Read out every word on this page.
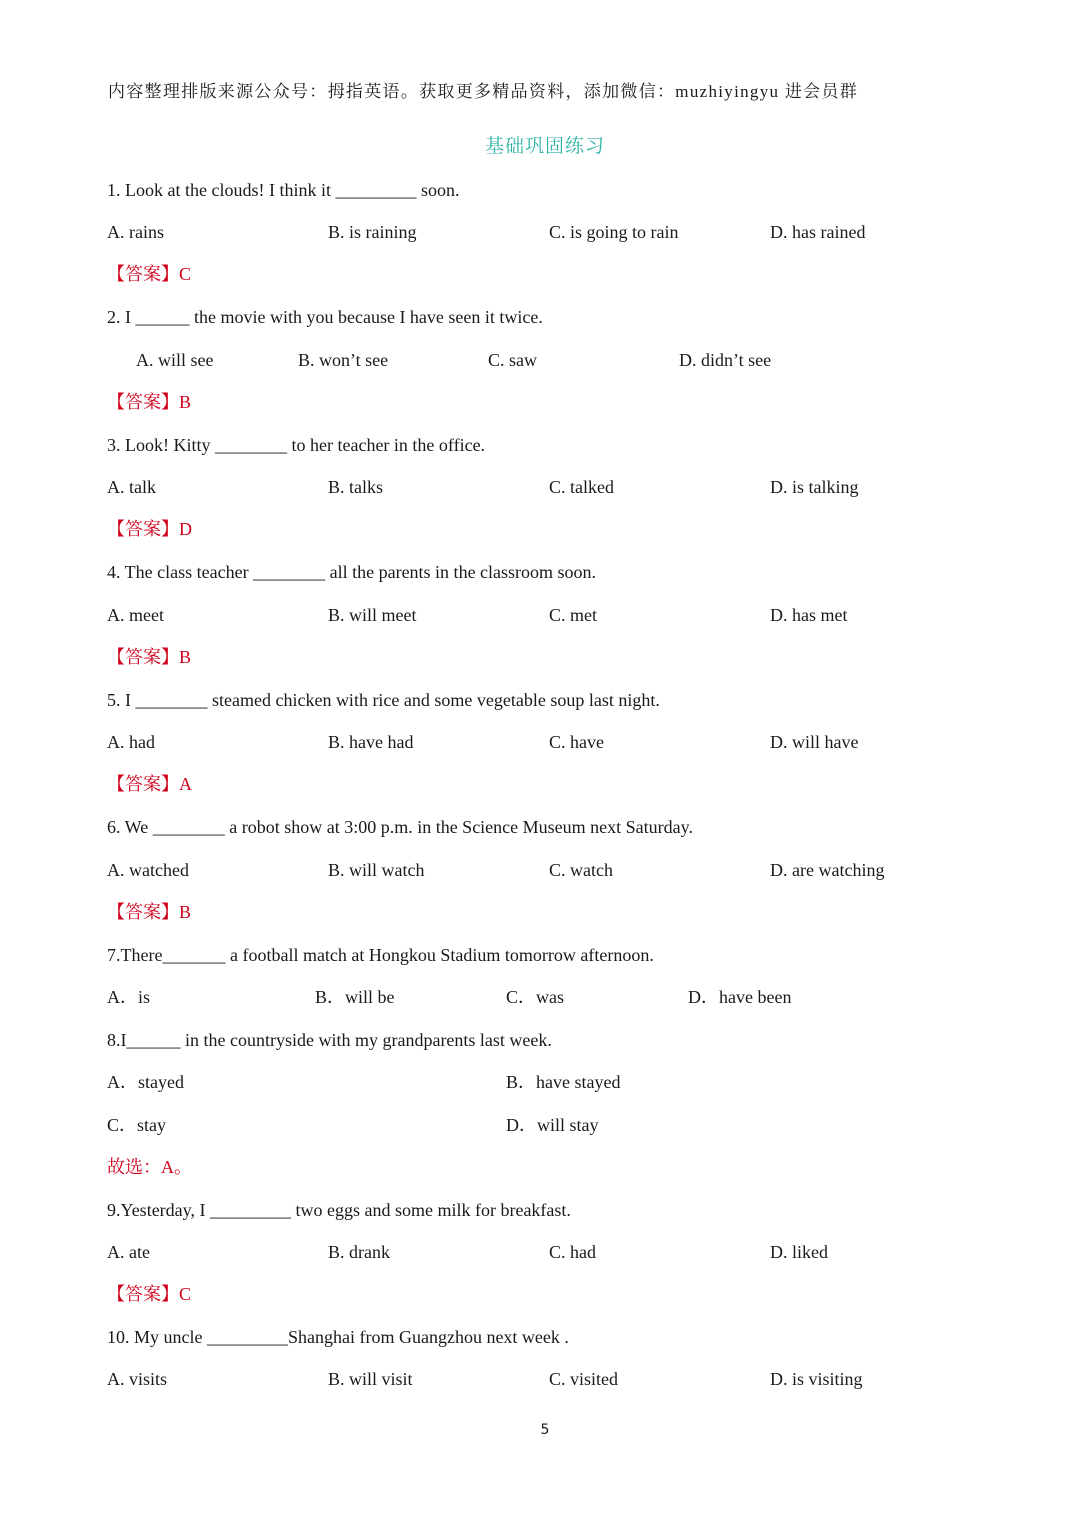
内容整理排版来源公众号：拇指英语。获取更多精品资料，添加微信：muzhiyingyu 进会员群
基础巩固练习
1. Look at the clouds! I think it _________ soon.
A. rains	B. is raining	C. is going to rain	D. has rained
【答案】C
2. I ______ the movie with you because I have seen it twice.
A. will see	B. won’t see	C. saw	D. didn’t see
【答案】B
3. Look! Kitty ________ to her teacher in the office.
A. talk	B. talks	C. talked	D. is talking
【答案】D
4. The class teacher ________ all the parents in the classroom soon.
A. meet	B. will meet	C. met	D. has met
【答案】B
5. I ________ steamed chicken with rice and some vegetable soup last night.
A. had	B. have had	C. have	D. will have
【答案】A
6. We ________ a robot show at 3:00 p.m. in the Science Museum next Saturday.
A. watched	B. will watch	C. watch	D. are watching
【答案】B
7.There_______ a football match at Hongkou Stadium tomorrow afternoon.
A．is	B．will be	C．was	D．have been
8.I______ in the countryside with my grandparents last week.
A．stayed	B．have stayed
C．stay	D．will stay
故选：A。
9.Yesterday, I _________ two eggs and some milk for breakfast.
A. ate	B. drank	C. had	D. liked
【答案】C
10. My uncle _________Shanghai from Guangzhou next week .
A. visits	B. will visit	C. visited	D. is visiting
5
